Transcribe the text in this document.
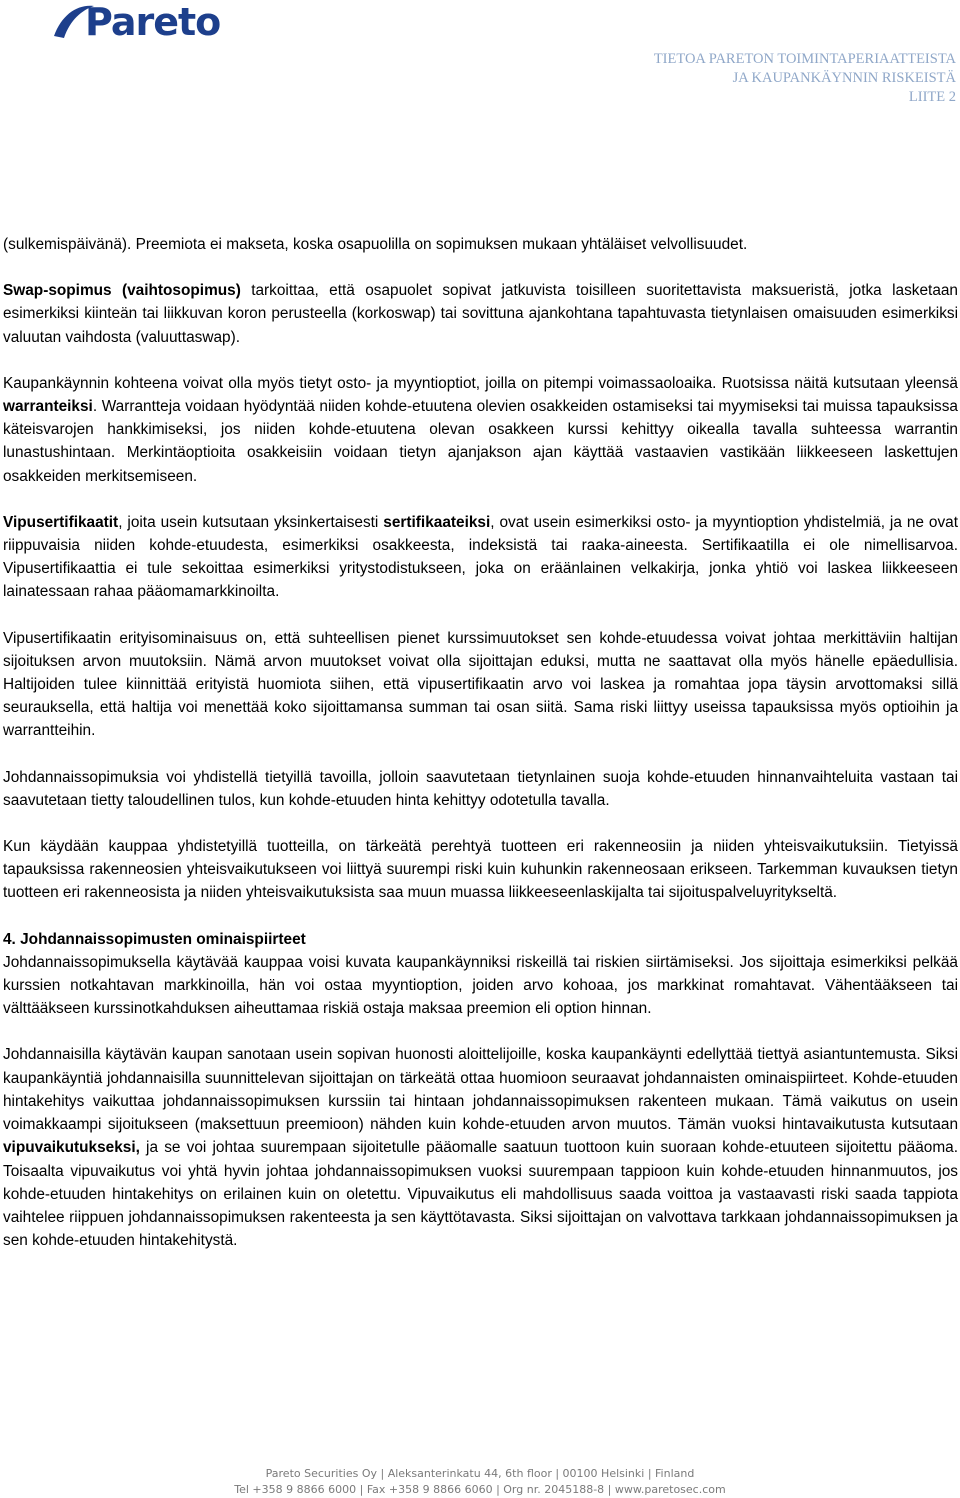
Pareto
TIETOA PARETON TOIMINTAPERIAATTEISTA
JA KAUPANKÄYNNIN RISKEISTÄ
LIITE 2

(sulkemispäivänä). Preemiota ei makseta, koska osapuolilla on sopimuksen mukaan yhtäläiset velvollisuudet.

Swap-sopimus (vaihtosopimus) tarkoittaa, että osapuolet sopivat jatkuvista toisilleen suoritettavista maksueristä, jotka lasketaan esimerkiksi kiinteän tai liikkuvan koron perusteella (korkoswap) tai sovittuna ajankohtana tapahtuvasta tietynlaisen omaisuuden esimerkiksi valuutan vaihdosta (valuuttaswap).

Kaupankäynnin kohteena voivat olla myös tietyt osto- ja myyntioptiot, joilla on pitempi voimassaoloaika. Ruotsissa näitä kutsutaan yleensä warranteiksi. Warrantteja voidaan hyödyntää niiden kohde-etuutena olevien osakkeiden ostamiseksi tai myymiseksi tai muissa tapauksissa käteisvarojen hankkimiseksi, jos niiden kohde-etuutena olevan osakkeen kurssi kehittyy oikealla tavalla suhteessa warrantin lunastushintaan. Merkintäoptioita osakkeisiin voidaan tietyn ajanjakson ajan käyttää vastaavien vastikään liikkeeseen laskettujen osakkeiden merkitsemiseen.

Vipusertifikaatit, joita usein kutsutaan yksinkertaisesti sertifikaateiksi, ovat usein esimerkiksi osto- ja myyntioption yhdistelmiä, ja ne ovat riippuvaisia niiden kohde-etuudesta, esimerkiksi osakkeesta, indeksistä tai raaka-aineesta. Sertifikaatilla ei ole nimellisarvoa. Vipusertifikaattia ei tule sekoittaa esimerkiksi yritystodistukseen, joka on eräänlainen velkakirja, jonka yhtiö voi laskea liikkeeseen lainatessaan rahaa pääomamarkkinoilta.

Vipusertifikaatin erityisominaisuus on, että suhteellisen pienet kurssimuutokset sen kohde-etuudessa voivat johtaa merkittäviin haltijan sijoituksen arvon muutoksiin. Nämä arvon muutokset voivat olla sijoittajan eduksi, mutta ne saattavat olla myös hänelle epäedullisia. Haltijoiden tulee kiinnittää erityistä huomiota siihen, että vipusertifikaatin arvo voi laskea ja romahtaa jopa täysin arvottomaksi sillä seurauksella, että haltija voi menettää koko sijoittamansa summan tai osan siitä. Sama riski liittyy useissa tapauksissa myös optioihin ja warrantteihin.

Johdannaissopimuksia voi yhdistellä tietyillä tavoilla, jolloin saavutetaan tietynlainen suoja kohde-etuuden hinnanvaihteluita vastaan tai saavutetaan tietty taloudellinen tulos, kun kohde-etuuden hinta kehittyy odotetulla tavalla.

Kun käydään kauppaa yhdistetyillä tuotteilla, on tärkeätä perehtyä tuotteen eri rakenneosiin ja niiden yhteisvaikutuksiin. Tietyissä tapauksissa rakenneosien yhteisvaikutukseen voi liittyä suurempi riski kuin kuhunkin rakenneosaan erikseen. Tarkemman kuvauksen tietyn tuotteen eri rakenneosista ja niiden yhteisvaikutuksista saa muun muassa liikkeeseenlaskijalta tai sijoituspalveluyritykseltä.

4. Johdannaissopimusten ominaispiirteet

Johdannaissopimuksella käytävää kauppaa voisi kuvata kaupankäynniksi riskeillä tai riskien siirtämiseksi. Jos sijoittaja esimerkiksi pelkää kurssien notkahtavan markkinoilla, hän voi ostaa myyntioption, joiden arvo kohoaa, jos markkinat romahtavat. Vähentääkseen tai välttääkseen kurssinotkahduksen aiheuttamaa riskiä ostaja maksaa preemion eli option hinnan.

Johdannaisilla käytävän kaupan sanotaan usein sopivan huonosti aloittelijoille, koska kaupankäynti edellyttää tiettyä asiantuntemusta. Siksi kaupankäyntiä johdannaisilla suunnittelevan sijoittajan on tärkeätä ottaa huomioon seuraavat johdannaisten ominaispiirteet. Kohde-etuuden hintakehitys vaikuttaa johdannaissopimuksen kurssiin tai hintaan johdannaissopimuksen rakenteen mukaan. Tämä vaikutus on usein voimakkaampi sijoitukseen (maksettuun preemioon) nähden kuin kohde-etuuden arvon muutos. Tämän vuoksi hintavaikutusta kutsutaan vipuvaikutukseksi, ja se voi johtaa suurempaan sijoitetulle pääomalle saatuun tuottoon kuin suoraan kohde-etuuteen sijoitettu pääoma. Toisaalta vipuvaikutus voi yhtä hyvin johtaa johdannaissopimuksen vuoksi suurempaan tappioon kuin kohde-etuuden hinnanmuutos, jos kohde-etuuden hintakehitys on erilainen kuin on oletettu. Vipuvaikutus eli mahdollisuus saada voittoa ja vastaavasti riski saada tappiota vaihtelee riippuen johdannaissopimuksen rakenteesta ja sen käyttötavasta. Siksi sijoittajan on valvottava tarkkaan johdannaissopimuksen ja sen kohde-etuuden hintakehitystä.

Pareto Securities Oy | Aleksanterinkatu 44, 6th floor | 00100 Helsinki | Finland
Tel +358 9 8866 6000 | Fax +358 9 8866 6060 | Org nr. 2045188-8 | www.paretosec.com
